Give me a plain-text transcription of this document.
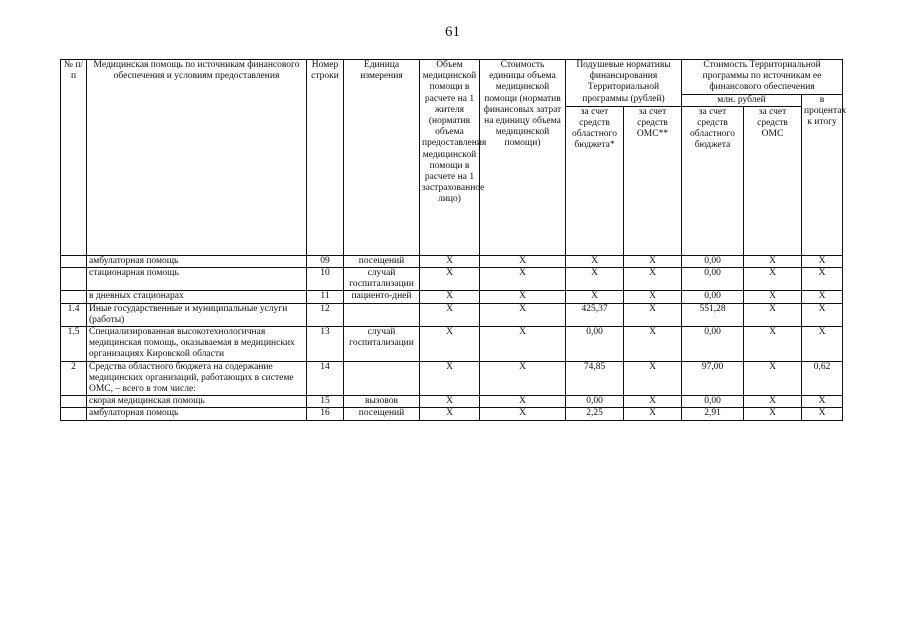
61
№ п/п	Медицинская помощь по источникам финансового обеспечения и условиям предоставления	Номер строки	Единица измерения	Объем медицинской помощи в расчете на 1 жителя (норматив объема предоставления медицинской помощи в расчете на 1 застрахованное лицо)	Стоимость единицы объема медицинской помощи (норматив финансовых затрат на единицу объема медицинской помощи)	Подушевые нормативы финансирования Территориальной программы (рублей)		Стоимость Территориальной программы по источникам ее финансового обеспечения		
								млн. рублей		в процентах к итогу
						за счет средств областного бюджета*	за счет средств ОМС**	за счет средств областного бюджета	за счет средств ОМС	
	амбулаторная помощь	09	посещений	X	X	X	X	0,00	X	X
	стационарная помощь	10	случай госпитализации	X	X	X	X	0,00	X	X
	в дневных стационарах	11	пациенто-дней	X	X	X	X	0,00	X	X
1.4	Иные государственные и муниципальные услуги (работы)	12		X	X	425,37	X	551,28	X	X
1.5	Специализированная высокотехнологичная медицинская помощь, оказываемая в медицинских организациях Кировской области	13	случай госпитализации	X	X	0,00	X	0,00	X	X
2	Средства областного бюджета на содержание медицинских организаций, работающих в системе ОМС, – всего в том числе:	14		X	X	74,85	X	97,00	X	0,62
	скорая медицинская помощь	15	вызовов	X	X	0,00	X	0,00	X	X
	амбулаторная помощь	16	посещений	X	X	2,25	X	2,91	X	X
